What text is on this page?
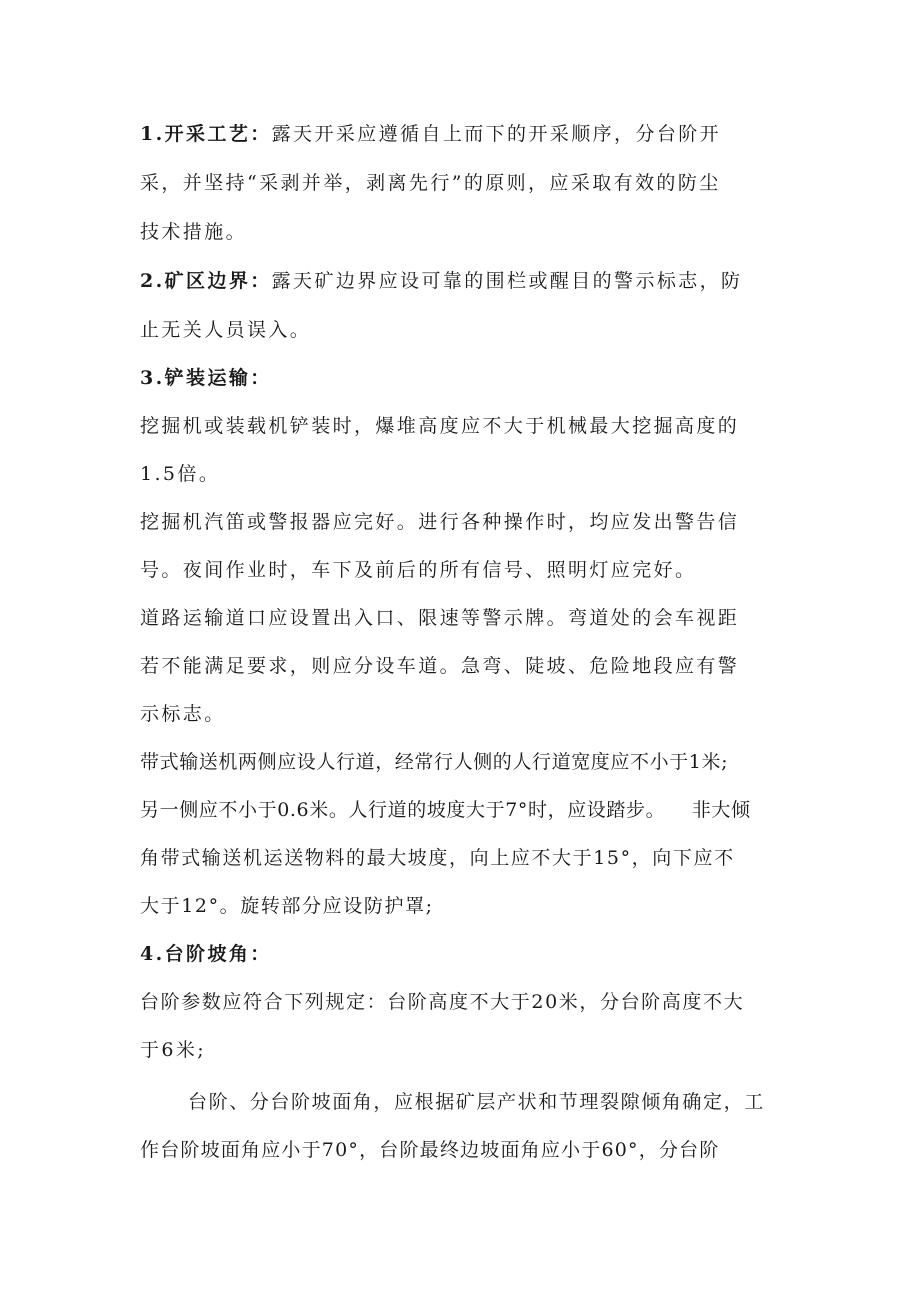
1.开采工艺：露天开采应遵循自上而下的开采顺序，分台阶开
采，并坚持“采剥并举，剥离先行”的原则，应采取有效的防尘
技术措施。
2.矿区边界：露天矿边界应设可靠的围栏或醒目的警示标志，防
止无关人员误入。
3.铲装运输：
挖掘机或装载机铲装时，爆堆高度应不大于机械最大挖掘高度的
1.5倍。
挖掘机汽笛或警报器应完好。进行各种操作时，均应发出警告信
号。夜间作业时，车下及前后的所有信号、照明灯应完好。
道路运输道口应设置出入口、限速等警示牌。弯道处的会车视距
若不能满足要求，则应分设车道。急弯、陡坡、危险地段应有警
示标志。
带式输送机两侧应设人行道，经常行人侧的人行道宽度应不小于1米;
另一侧应不小于0.6米。人行道的坡度大于7°时，应设踏步。    非大倾
角带式输送机运送物料的最大坡度，向上应不大于15°，向下应不
大于12°。旋转部分应设防护罩;
4.台阶坡角：
台阶参数应符合下列规定：台阶高度不大于20米，分台阶高度不大
于6米;
台阶、分台阶坡面角，应根据矿层产状和节理裂隙倾角确定，工
作台阶坡面角应小于70°，台阶最终边坡面角应小于60°，分台阶
